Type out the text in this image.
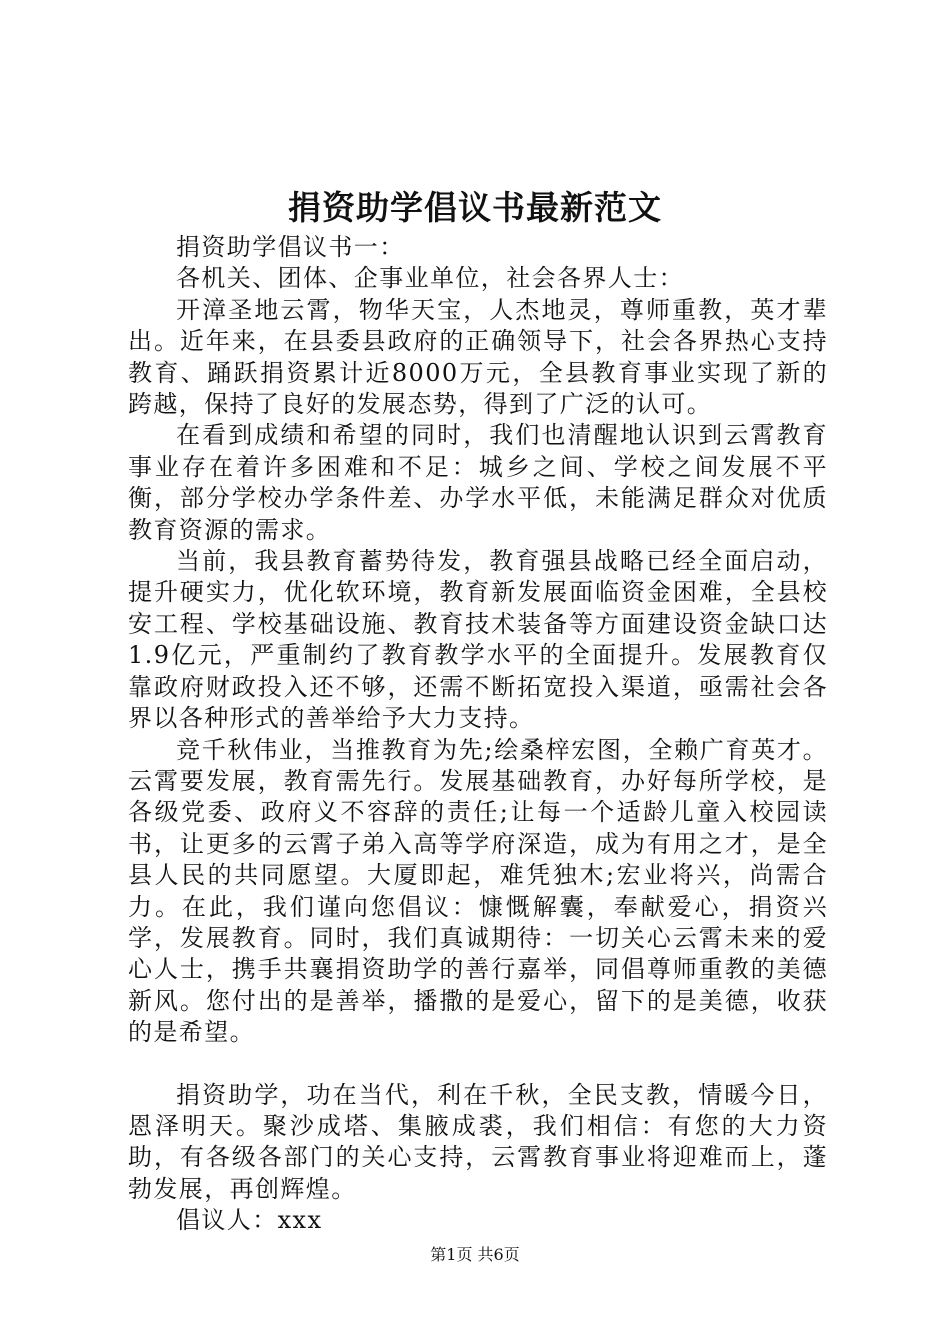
捐资助学倡议书最新范文

捐资助学倡议书一：

各机关、团体、企事业单位，社会各界人士：

开漳圣地云霄，物华天宝，人杰地灵，尊师重教，英才辈出。近年来，在县委县政府的正确领导下，社会各界热心支持教育、踊跃捐资累计近8000万元，全县教育事业实现了新的跨越，保持了良好的发展态势，得到了广泛的认可。

在看到成绩和希望的同时，我们也清醒地认识到云霄教育事业存在着许多困难和不足：城乡之间、学校之间发展不平衡，部分学校办学条件差、办学水平低，未能满足群众对优质教育资源的需求。

当前，我县教育蓄势待发，教育强县战略已经全面启动，提升硬实力，优化软环境，教育新发展面临资金困难，全县校安工程、学校基础设施、教育技术装备等方面建设资金缺口达1.9亿元，严重制约了教育教学水平的全面提升。发展教育仅靠政府财政投入还不够，还需不断拓宽投入渠道，亟需社会各界以各种形式的善举给予大力支持。

竞千秋伟业，当推教育为先;绘桑梓宏图，全赖广育英才。云霄要发展，教育需先行。发展基础教育，办好每所学校，是各级党委、政府义不容辞的责任;让每一个适龄儿童入校园读书，让更多的云霄子弟入高等学府深造，成为有用之才，是全县人民的共同愿望。大厦即起，难凭独木;宏业将兴，尚需合力。在此，我们谨向您倡议：慷慨解囊，奉献爱心，捐资兴学，发展教育。同时，我们真诚期待：一切关心云霄未来的爱心人士，携手共襄捐资助学的善行嘉举，同倡尊师重教的美德新风。您付出的是善举，播撒的是爱心，留下的是美德，收获的是希望。

捐资助学，功在当代，利在千秋，全民支教，情暖今日，恩泽明天。聚沙成塔、集腋成裘，我们相信：有您的大力资助，有各级各部门的关心支持，云霄教育事业将迎难而上，蓬勃发展，再创辉煌。

倡议人：xxx

第1页 共6页
